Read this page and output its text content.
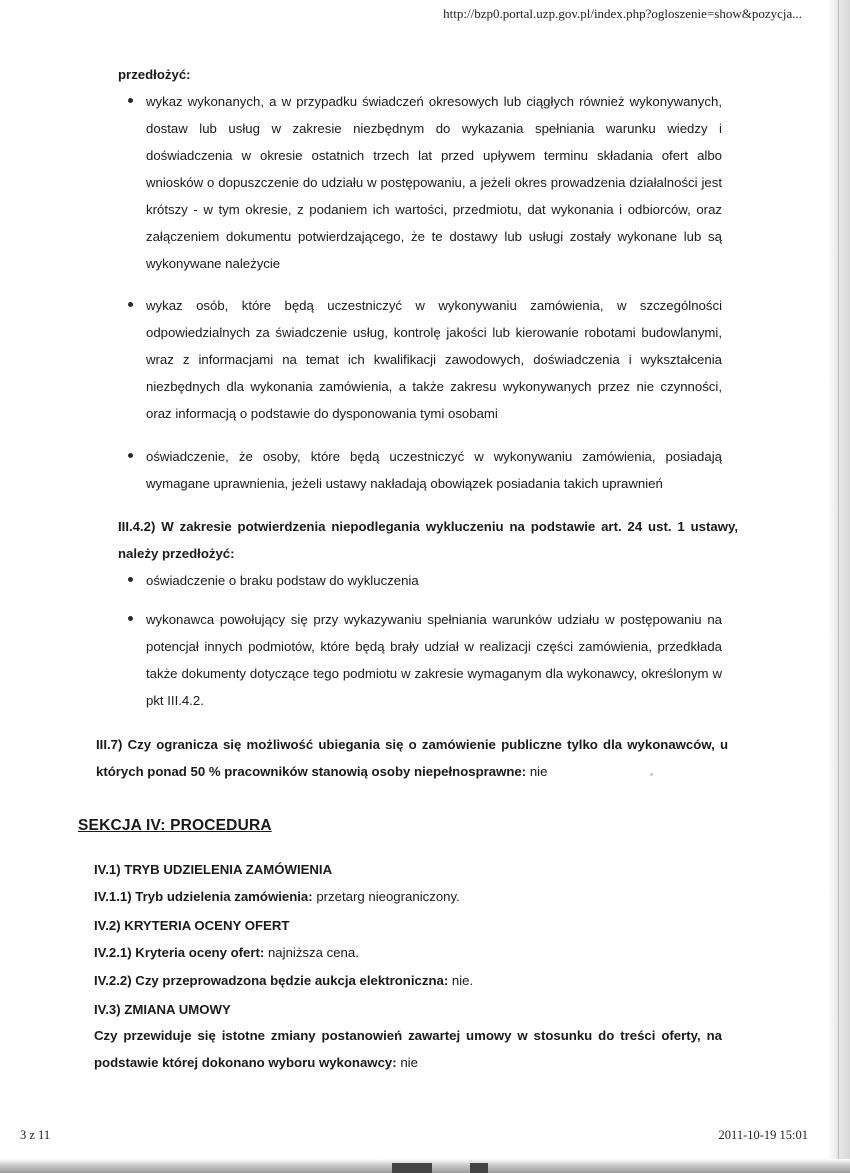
http://bzp0.portal.uzp.gov.pl/index.php?ogloszenie=show&pozycja...
przedłożyć:
wykaz wykonanych, a w przypadku świadczeń okresowych lub ciągłych również wykonywanych, dostaw lub usług w zakresie niezbędnym do wykazania spełniania warunku wiedzy i doświadczenia w okresie ostatnich trzech lat przed upływem terminu składania ofert albo wniosków o dopuszczenie do udziału w postępowaniu, a jeżeli okres prowadzenia działalności jest krótszy - w tym okresie, z podaniem ich wartości, przedmiotu, dat wykonania i odbiorców, oraz załączeniem dokumentu potwierdzającego, że te dostawy lub usługi zostały wykonane lub są wykonywane należycie
wykaz osób, które będą uczestniczyć w wykonywaniu zamówienia, w szczególności odpowiedzialnych za świadczenie usług, kontrolę jakości lub kierowanie robotami budowlanymi, wraz z informacjami na temat ich kwalifikacji zawodowych, doświadczenia i wykształcenia niezbędnych dla wykonania zamówienia, a także zakresu wykonywanych przez nie czynności, oraz informacją o podstawie do dysponowania tymi osobami
oświadczenie, że osoby, które będą uczestniczyć w wykonywaniu zamówienia, posiadają wymagane uprawnienia, jeżeli ustawy nakładają obowiązek posiadania takich uprawnień
III.4.2) W zakresie potwierdzenia niepodlegania wykluczeniu na podstawie art. 24 ust. 1 ustawy, należy przedłożyć:
oświadczenie o braku podstaw do wykluczenia
wykonawca powołujący się przy wykazywaniu spełniania warunków udziału w postępowaniu na potencjał innych podmiotów, które będą brały udział w realizacji części zamówienia, przedkłada także dokumenty dotyczące tego podmiotu w zakresie wymaganym dla wykonawcy, określonym w pkt III.4.2.
III.7) Czy ogranicza się możliwość ubiegania się o zamówienie publiczne tylko dla wykonawców, u których ponad 50 % pracowników stanowią osoby niepełnosprawne: nie
SEKCJA IV: PROCEDURA
IV.1) TRYB UDZIELENIA ZAMÓWIENIA
IV.1.1) Tryb udzielenia zamówienia: przetarg nieograniczony.
IV.2) KRYTERIA OCENY OFERT
IV.2.1) Kryteria oceny ofert: najniższa cena.
IV.2.2) Czy przeprowadzona będzie aukcja elektroniczna: nie.
IV.3) ZMIANA UMOWY
Czy przewiduje się istotne zmiany postanowień zawartej umowy w stosunku do treści oferty, na podstawie której dokonano wyboru wykonawcy: nie
3 z 11	2011-10-19 15:01
